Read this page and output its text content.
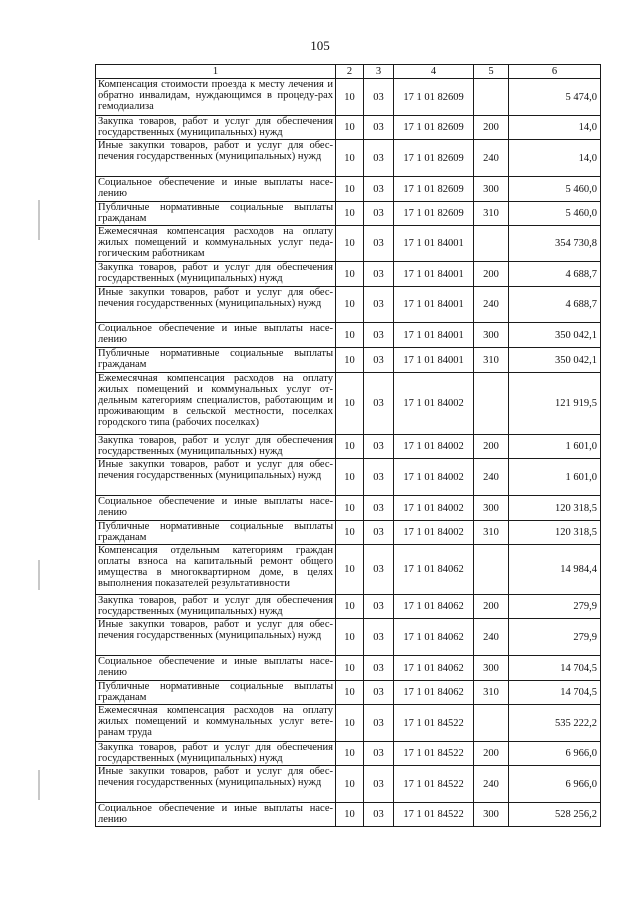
105
1	2	3	4	5	6
Компенсация стоимости проезда к месту лечения и обратно инвалидам, нуждающимся в процеду-рах гемодиализа	10	03	17 1 01 82609		5 474,0
Закупка товаров, работ и услуг для обеспечения государственных (муниципальных) нужд	10	03	17 1 01 82609	200	14,0
Иные закупки товаров, работ и услуг для обес-печения государственных (муниципальных) нужд	10	03	17 1 01 82609	240	14,0
Социальное обеспечение и иные выплаты насе-лению	10	03	17 1 01 82609	300	5 460,0
Публичные нормативные социальные выплаты гражданам	10	03	17 1 01 82609	310	5 460,0
Ежемесячная компенсация расходов на оплату жилых помещений и коммунальных услуг педа-гогическим работникам	10	03	17 1 01 84001		354 730,8
Закупка товаров, работ и услуг для обеспечения государственных (муниципальных) нужд	10	03	17 1 01 84001	200	4 688,7
Иные закупки товаров, работ и услуг для обес-печения государственных (муниципальных) нужд	10	03	17 1 01 84001	240	4 688,7
Социальное обеспечение и иные выплаты насе-лению	10	03	17 1 01 84001	300	350 042,1
Публичные нормативные социальные выплаты гражданам	10	03	17 1 01 84001	310	350 042,1
Ежемесячная компенсация расходов на оплату жилых помещений и коммунальных услуг от-дельным категориям специалистов, работающим и проживающим в сельской местности, поселках городского типа (рабочих поселках)	10	03	17 1 01 84002		121 919,5
Закупка товаров, работ и услуг для обеспечения государственных (муниципальных) нужд	10	03	17 1 01 84002	200	1 601,0
Иные закупки товаров, работ и услуг для обес-печения государственных (муниципальных) нужд	10	03	17 1 01 84002	240	1 601,0
Социальное обеспечение и иные выплаты насе-лению	10	03	17 1 01 84002	300	120 318,5
Публичные нормативные социальные выплаты гражданам	10	03	17 1 01 84002	310	120 318,5
Компенсация отдельным категориям граждан оплаты взноса на капитальный ремонт общего имущества в многоквартирном доме, в целях выполнения показателей результативности	10	03	17 1 01 84062		14 984,4
Закупка товаров, работ и услуг для обеспечения государственных (муниципальных) нужд	10	03	17 1 01 84062	200	279,9
Иные закупки товаров, работ и услуг для обес-печения государственных (муниципальных) нужд	10	03	17 1 01 84062	240	279,9
Социальное обеспечение и иные выплаты насе-лению	10	03	17 1 01 84062	300	14 704,5
Публичные нормативные социальные выплаты гражданам	10	03	17 1 01 84062	310	14 704,5
Ежемесячная компенсация расходов на оплату жилых помещений и коммунальных услуг вете-ранам труда	10	03	17 1 01 84522		535 222,2
Закупка товаров, работ и услуг для обеспечения государственных (муниципальных) нужд	10	03	17 1 01 84522	200	6 966,0
Иные закупки товаров, работ и услуг для обес-печения государственных (муниципальных) нужд	10	03	17 1 01 84522	240	6 966,0
Социальное обеспечение и иные выплаты насе-лению	10	03	17 1 01 84522	300	528 256,2
